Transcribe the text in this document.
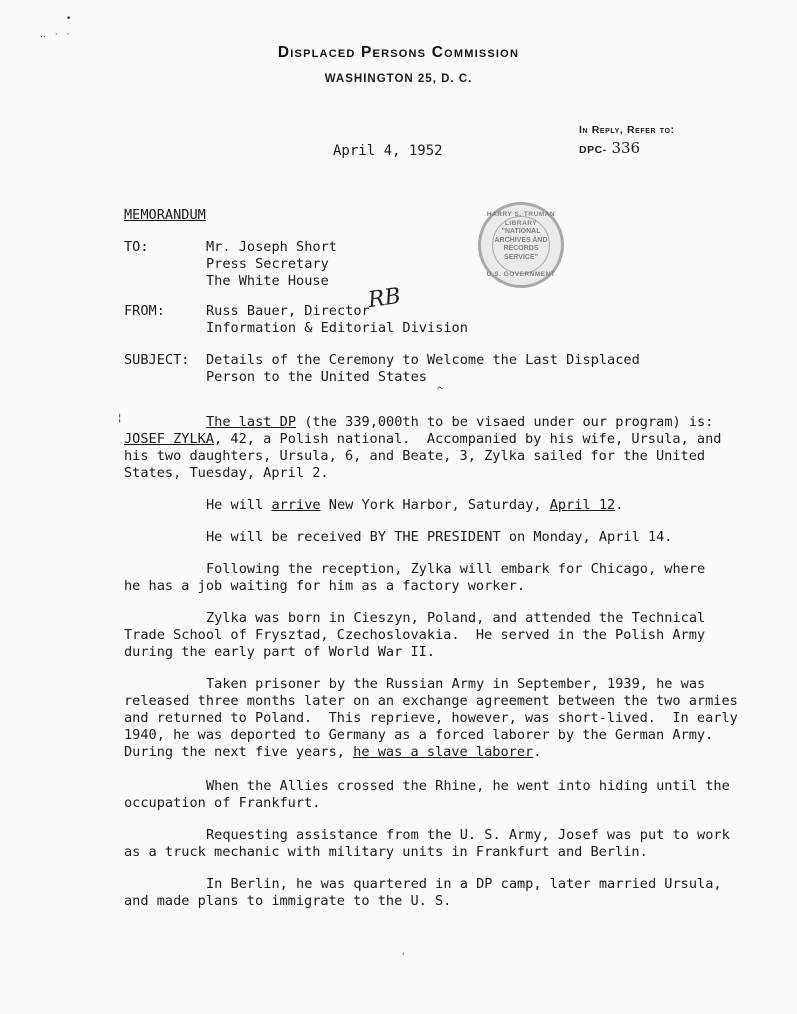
•
‥ · ·
Displaced Persons Commission
WASHINGTON 25, D. C.
In Reply, Refer to:
DPC- 336
April 4, 1952
MEMORANDUM	HARRY S. TRUMAN LIBRARY
"NATIONAL
ARCHIVES AND
RECORDS
SERVICE"
U.S. GOVERNMENT
TO:	Mr. Joseph Short
Press Secretary
The White House
FROM:	Russ Bauer, Director
Information & Editorial Division
RB
SUBJECT: Details of the Ceremony to Welcome the Last Displaced
Person to the United States
^
¦	The last DP (the 339,000th to be visaed under our program) is:
JOSEF ZYLKA, 42, a Polish national.  Accompanied by his wife, Ursula, and
his two daughters, Ursula, 6, and Beate, 3, Zylka sailed for the United
States, Tuesday, April 2.
He will arrive New York Harbor, Saturday, April 12.
He will be received BY THE PRESIDENT on Monday, April 14.
Following the reception, Zylka will embark for Chicago, where
he has a job waiting for him as a factory worker.
Zylka was born in Cieszyn, Poland, and attended the Technical
Trade School of Frysztad, Czechoslovakia.  He served in the Polish Army
during the early part of World War II.
Taken prisoner by the Russian Army in September, 1939, he was
released three months later on an exchange agreement between the two armies
and returned to Poland.  This reprieve, however, was short-lived.  In early
1940, he was deported to Germany as a forced laborer by the German Army.
During the next five years, he was a slave laborer.
When the Allies crossed the Rhine, he went into hiding until the
occupation of Frankfurt.
Requesting assistance from the U. S. Army, Josef was put to work
as a truck mechanic with military units in Frankfurt and Berlin.
In Berlin, he was quartered in a DP camp, later married Ursula,
and made plans to immigrate to the U. S.
'
